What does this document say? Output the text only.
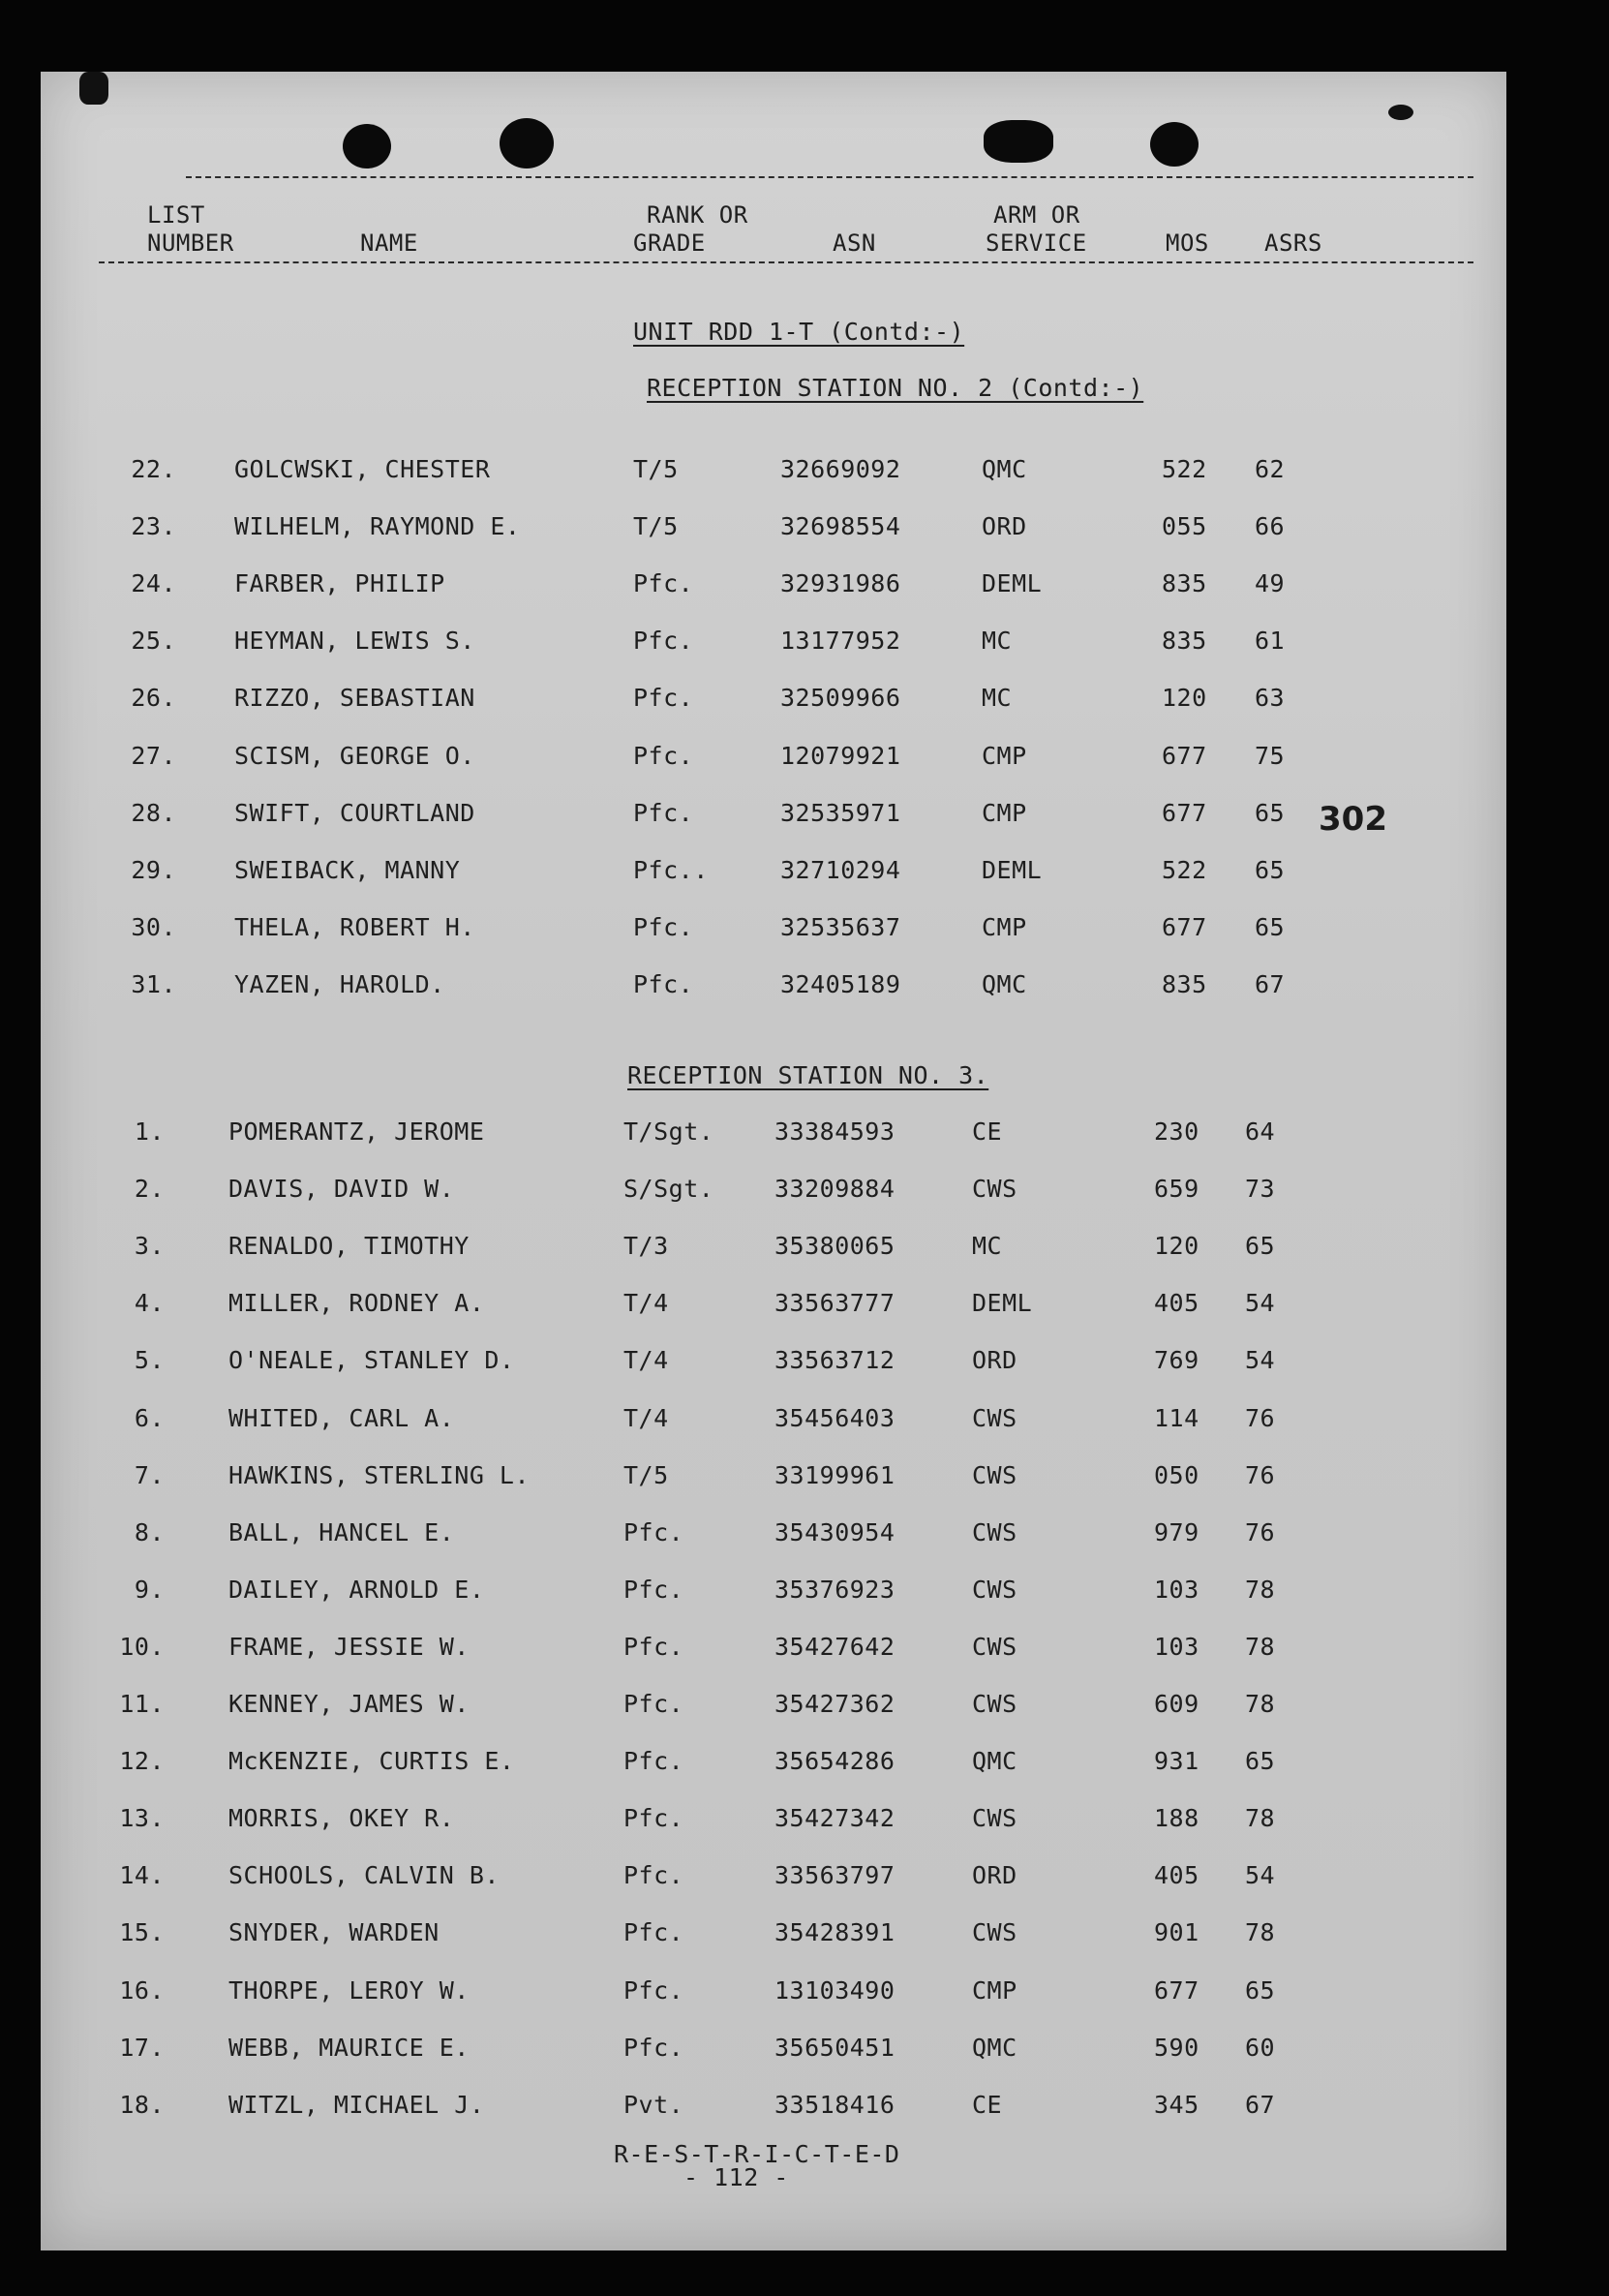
LIST
NUMBER	NAME
RANK OR
GRADE	ASN
ARM OR
SERVICE	MOS ASRS
UNIT RDD 1-T (Contd:-)
RECEPTION STATION NO. 2 (Contd:-)
22. GOLCWSKI, CHESTER	T/5	32669092	QMC	522 62
23. WILHELM, RAYMOND E.	T/5	32698554	ORD	055 66
24. FARBER, PHILIP	Pfc.	32931986	DEML	835 49
25. HEYMAN, LEWIS S.	Pfc.	13177952	MC	835 61
26. RIZZO, SEBASTIAN	Pfc.	32509966	MC	120 63
27. SCISM, GEORGE O.	Pfc.	12079921	CMP	677 75
28. SWIFT, COURTLAND	Pfc.	32535971	CMP	677 65
29. SWEIBACK, MANNY	Pfc..	32710294	DEML	522 65
30. THELA, ROBERT H.	Pfc.	32535637	CMP	677 65
31. YAZEN, HAROLD.	Pfc.	32405189	QMC	835 67
RECEPTION STATION NO. 3.
1.	POMERANTZ, JEROME	T/Sgt.	33384593	CE	230 64
2.	DAVIS, DAVID W.	S/Sgt.	33209884	CWS	659 73
3.	RENALDO, TIMOTHY	T/3	35380065	MC	120 65
4.	MILLER, RODNEY A.	T/4	33563777	DEML	405 54
5.	O'NEALE, STANLEY D.	T/4	33563712	ORD	769 54
6.	WHITED, CARL A.	T/4	35456403	CWS	114 76
7.	HAWKINS, STERLING L.	T/5	33199961	CWS	050 76
8.	BALL, HANCEL E.	Pfc.	35430954	CWS	979 76
9.	DAILEY, ARNOLD E.	Pfc.	35376923	CWS	103 78
10.	FRAME, JESSIE W.	Pfc.	35427642	CWS	103 78
11.	KENNEY, JAMES W.	Pfc.	35427362	CWS	609 78
12.	McKENZIE, CURTIS E.	Pfc.	35654286	QMC	931 65
13.	MORRIS, OKEY R.	Pfc.	35427342	CWS	188 78
14.	SCHOOLS, CALVIN B.	Pfc.	33563797	ORD	405 54
15.	SNYDER, WARDEN	Pfc.	35428391	CWS	901 78
16.	THORPE, LEROY W.	Pfc.	13103490	CMP	677 65
17.	WEBB, MAURICE E.	Pfc.	35650451	QMC	590 60
18.	WITZL, MICHAEL J.	Pvt.	33518416	CE	345 67
302
R-E-S-T-R-I-C-T-E-D
- 112 -
